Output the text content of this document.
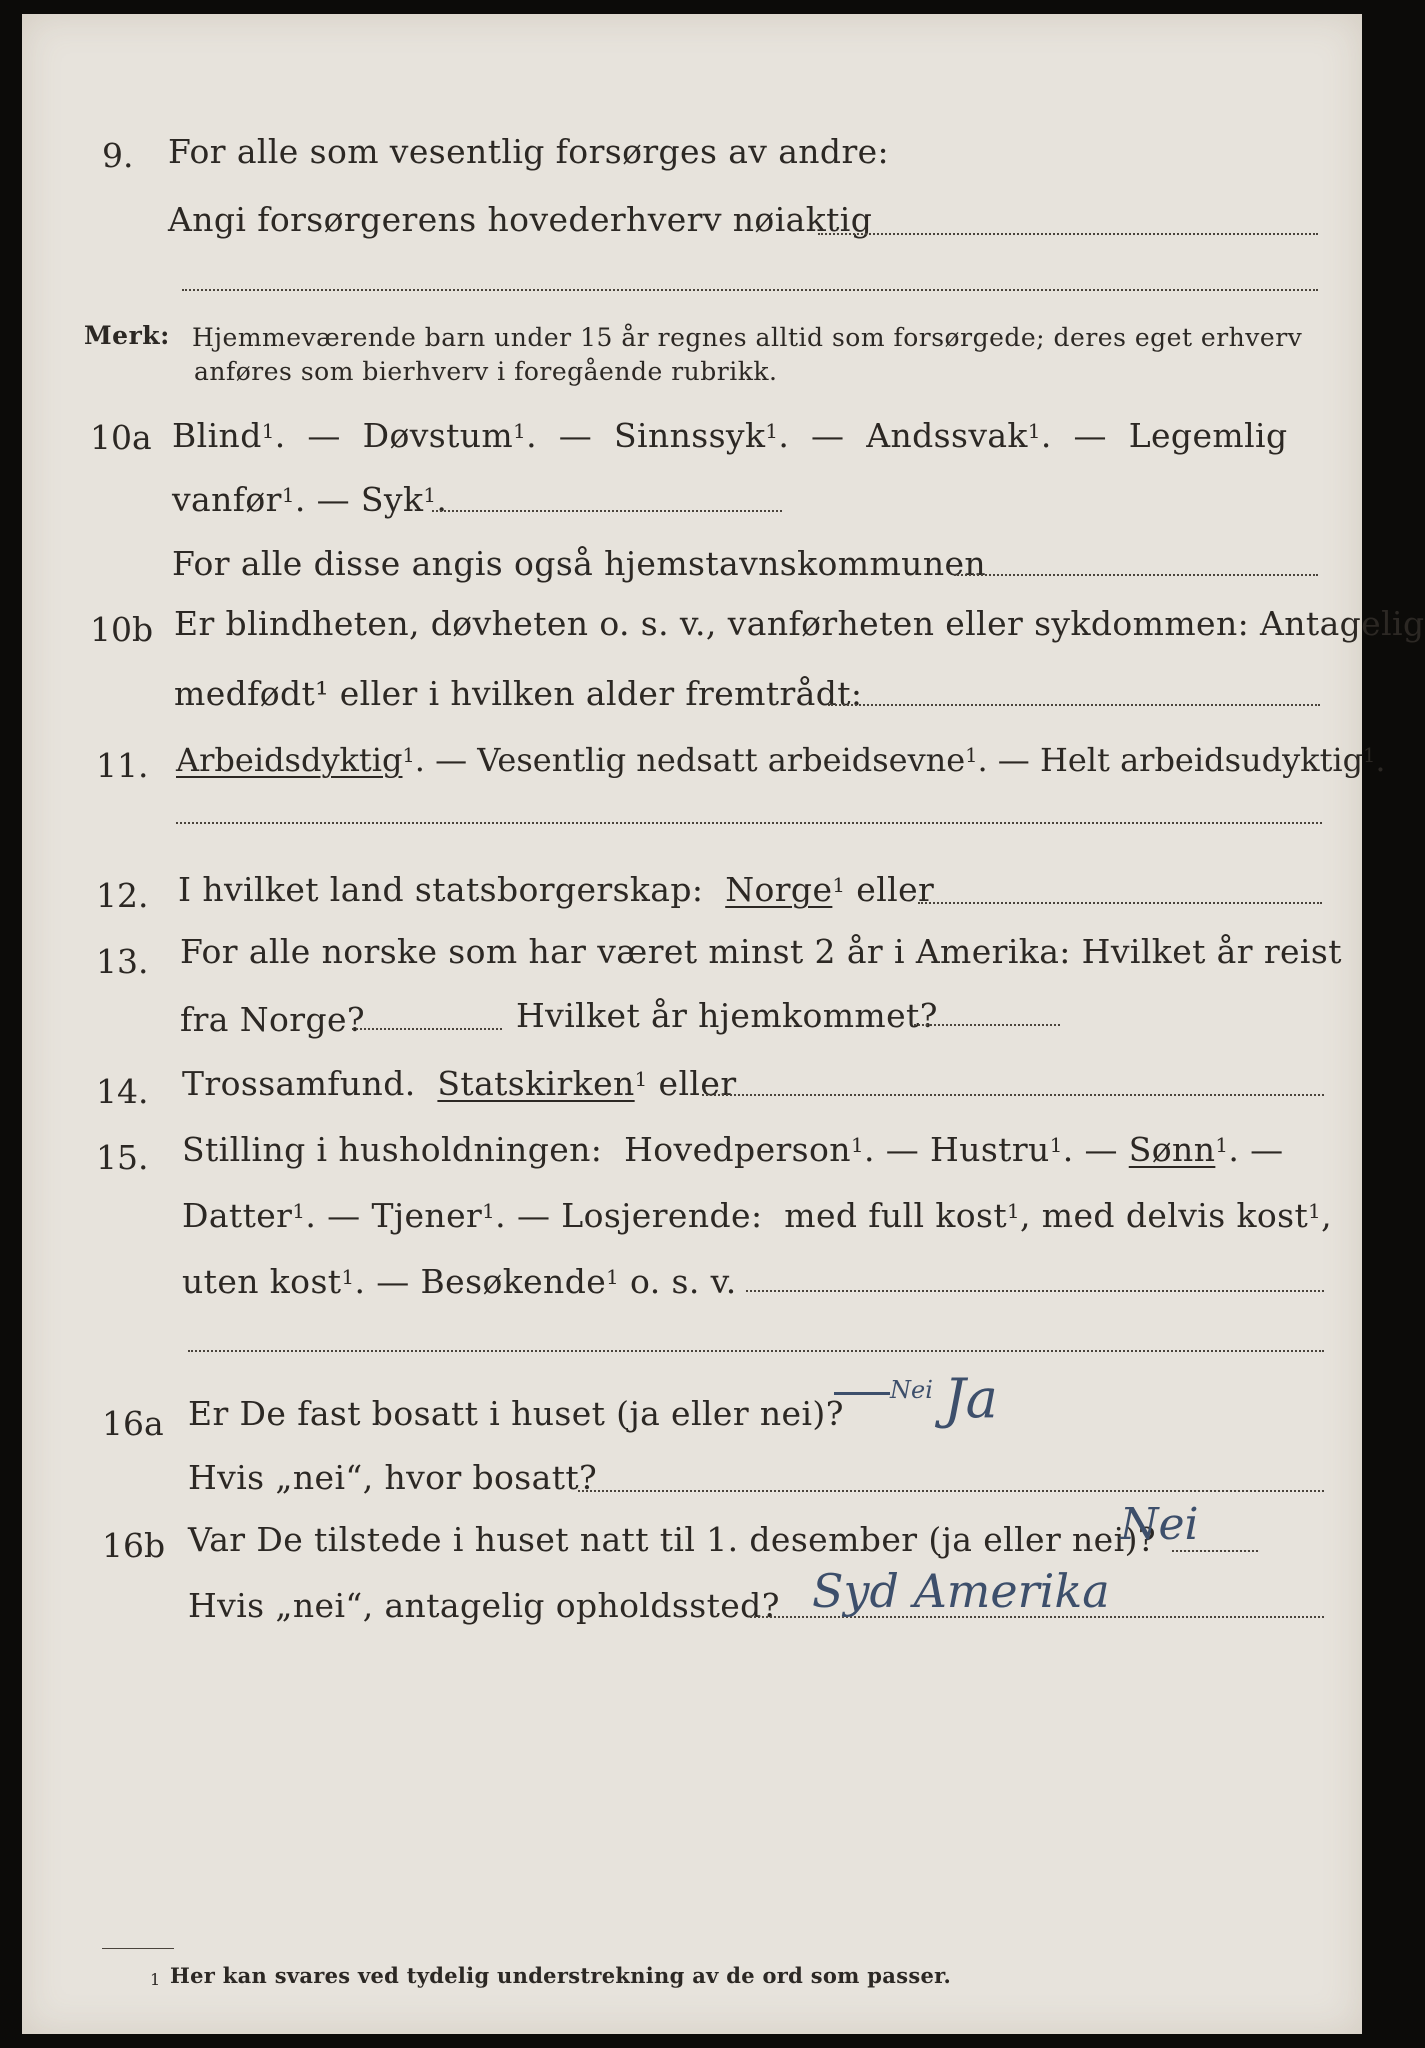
9. For alle som vesentlig forsørges av andre:
Angi forsørgerens hovederhverv nøiaktig
Merk: Hjemmeværende barn under 15 år regnes alltid som forsørgede; deres eget erhverv
anføres som bierhverv i foregående rubrikk.
10a Blind$^1$.  —  Døvstum$^1$.  —  Sinnssyk$^1$.  —  Andssvak$^1$.  —  Legemlig
vanfør$^1$. — Syk$^1$.
For alle disse angis også hjemstavnskommunen
10b Er blindheten, døvheten o. s. v., vanførheten eller sykdommen: Antagelig
medfødt¹ eller i hvilken alder fremtrådt:
11. Arbeidsdyktig$^1$. — Vesentlig nedsatt arbeidsevne$^1$. — Helt arbeidsudyktig$^1$.
12. I hvilket land statsborgerskap: Norge$^1$ eller
13. For alle norske som har været minst 2 år i Amerika: Hvilket år reist
fra Norge?	Hvilket år hjemkommet?
14. Trossamfund. Statskirken$^1$ eller
15. Stilling i husholdningen: Hovedperson$^1$. — Hustru$^1$. — Sønn$^1$. —
Datter$^1$. — Tjener$^1$. — Losjerende: med full kost$^1$, med delvis kost$^1$,
uten kost$^1$. — Besøkende$^1$ o. s. v.
16a Er De fast bosatt i huset (ja eller nei)?
Nei Ja
Hvis „nei“, hvor bosatt?
16b Var De tilstede i huset natt til 1. desember (ja eller nei)?
Nei
Hvis „nei“, antagelig opholdssted? Syd Amerika
1 Her kan svares ved tydelig understrekning av de ord som passer.
